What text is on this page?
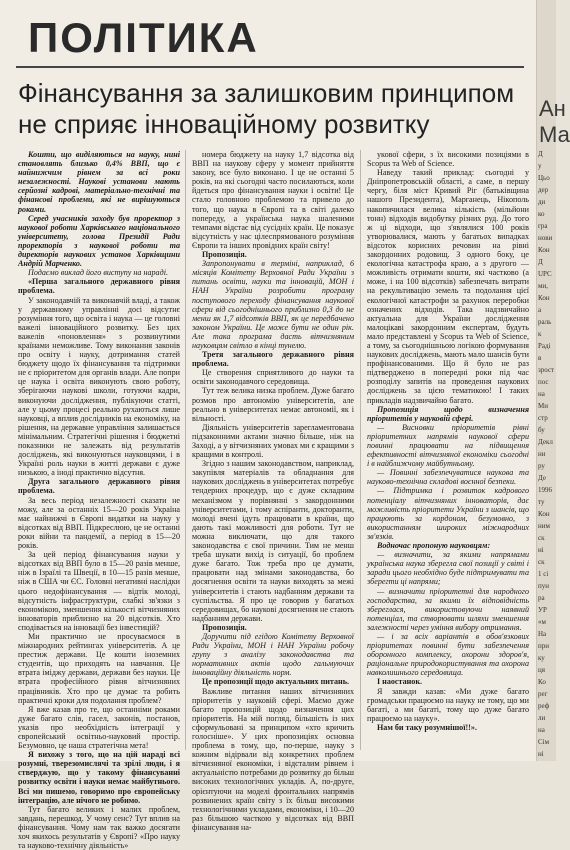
ПОЛІТИКА
Фінансування за залишковим принципом
не сприяє інноваційному розвитку

Кошти, що виділяються на науку, нині становлять близько 0,4% ВВП, що є найнижчим рівнем за всі роки незалежності. Наукові установи мають серйозні кадрові, матеріально-технічні та фінансові проблеми, які не вирішуються роками.

Серед учасників заходу був проректор з наукової роботи Харківського національного університету, голова Президії Ради проректорів з наукової роботи та директорів наукових установ Харківщини Андрій Марченко.

Подаємо виклад його виступу на нараді.

«Перша загального державного рівня проблема.

У законодавчій та виконавчій владі, а також у державному управлінні досі відсутнє розуміння того, що освіта і наука — це головні важелі інноваційного розвитку. Без цих важелів «поновлення» з розвинутими країнами неможливе. Тому виконання законів про освіту і науку, дотримання статей бюджету щодо їх фінансування та підтримки не є пріоритетом для органів влади. Але попри це наука і освіта виконують свою роботу, зберігаючи наукові школи, готуючи кадри, виконуючи дослідження, публікуючи статті, але у цьому процесі реально рухаються лише науковці, а вплив дослідників на економіку, на рішення, на державне управління залишається мінімальним. Стратегічні рішення і бюджетні показники не залежать від результатів досліджень, які виконуються науковцями, і в Україні роль науки в житті держави є дуже низькою, а іноді практично відсутня.

Друга загального державного рівня проблема.

За весь період незалежності сказати не можу, але за останніх 15—20 років Україна має найнижчі в Європі видатки на науку у відсотках від ВВП. Підкреслюю, це не останні роки війни та пандемії, а період в 15—20 років.

За цей період фінансування науки у відсотках від ВВП було в 15—20 разів менше, ніж в Ізраїлі та Швеції, в 10—15 разів менше, ніж в США чи ЄС. Головні негативні наслідки цього недофінансування — відтік молоді, відсутність інфраструктури, слабкі зв'язки з економікою, зменшення кількості вітчизняних інноваторів приблизно на 20 відсотків. Хто сподівається на інновації без інвестицій?

Ми практично не просуваємося в міжнародних рейтингах університетів. А це престиж держави. Це кошти іноземних студентів, що приходять на навчання. Це втрата іміджу держави, держави без науки. Це втрата професійного рівня вітчизняних працівників. Хто про це думає та робить практичні кроки для подолання проблем?

Я вже казав про те, що останніми роками дуже багато слів, гасел, законів, постанов, указів про необхідність інтеграції у європейський освітньо-науковий простір. Безумовно, це наша стратегічна мета!

Я вихожу з того, що на цій нараді всі розумні, тверезомислячі та зрілі люди, і я стверджую, що у такому фінансуванні розвитку освіти і науки немає майбутнього. Всі ми пишемо, говоримо про європейську інтеграцію, але нічого не робимо.

Тут багато великих і малих проблем, завдань, перешкод. У чому сенс? Тут вплив на фінансування. Чому нам так важко досягати хоч якихось результатів у Європі? «Про науку та науково-технічну діяльність»

номера бюджету на науку 1,7 відсотка від ВВП на наукову сферу у момент прийняття закону, все було виконано. І це не останні 5 років, на які сьогодні часто посилаються, коли йдеться про фінансування науки і освіти! Це стало головною проблемою та привело до того, що наука в Європі та в світі далеко попереду, а українська наука шаленими темпами відстає від сусідніх країн. Це показує відсутність у нас цілеспрямованого розуміння Європи та інших провідних країн світу!

Пропозиція.

Запропонувати в терміні, наприклад, 6 місяців Комітету Верховної Ради України з питань освіти, науки та інновацій, МОН і НАН України розробити програму поступового переходу фінансування наукової сфери від сьогоднішнього приблизно 0,3 до не менш як 1,7 відсотків ВВП, як це передбачено законом України. Це може бути не один рік. Але така програма дасть вітчизняним науковцям світло в кінці тунелю.

Третя загального державного рівня проблема.

Це створення сприятливого до науки та освіти законодавчого середовища.

Тут теж велика низка проблем. Дуже багато розмов про автономію університетів, але реально в університетах немає автономії, як і вільності.

Діяльність університетів зарегламентована підзаконними актами значно більше, ніж на Заході, а у вітчизняних умовах ми є кращими з кращими в контролі.

Згідно з нашим законодавством, наприклад, закупівля матеріалів та обладнання для наукових досліджень в університетах потребує тендерних процедур, що є дуже складним механізмом у порівнянні з закордонними університетами, і тому аспіранти, докторанти, молоді вчені ідуть працювати в країни, що дають такі можливості для роботи. Тут не можна виключати, що для такого законодавства є свої причини. Тим не менш треба шукати вихід із ситуації, бо проблем дуже багато. Тож треба про це думати, працювати над змінами законодавства, бо досягнення освіти та науки виходять за межі університетів і стають надбанням держави та суспільства. Я про це говорив у багатьох середовищах, бо наукові досягнення не стають надбанням держави.

Пропозиція.

Доручити під егідою Комітету Верховної Ради України, МОН і НАН України робочу групу з аналізу законодавства та нормативних актів щодо гальмуючих інноваційну діяльність норм.

Це пропозиції щодо актуальних питань.

Важливе питання наших вітчизняних пріоритетів у науковій сфері. Маємо дуже багато пропозицій щодо визначення цих пріоритетів. На мій погляд, більшість із них сформульовані за принципом «хто кричить голосніше». У цих пропозиціях основна проблема в тому, що, по-перше, науку з кожним відірвали від конкретних проблем вітчизняної економіки, і відсталим рівнем і актуальністю потребами до розвитку до більш високих технологічних укладів. А, по-друге, орієнтуючи на моделі фронтальних напрямів розвинених країн світу з їх більш високими технологічними укладами, економіки, і 10—20 раз більшою часткою у відсотках від ВВП фінансування на-

укової сфери, з їх високими позиціями в Scopus та Web of Science.

Наведу такий приклад: сьогодні у Дніпропетровській області, а саме, в першу чергу, біля міст Кривий Ріг (батьківщина нашого Президента), Марганець, Нікополь накопичилася велика кількість (мільйони тонн) відходів видобутку різних руд. До того ж ці відходи, що з'являлися 100 років утворювалися, мають у багатьох випадках відсоток корисних речовин на рівні закордонних родовищ. З одного боку, це екологічна катастрофа краю, а з другого — можливість отримати кошти, які частково (а може, і на 100 відсотків) забезпечать витрати на рекультивацію земель та подолання цієї екологічної катастрофи за рахунок переробки означених відходів. Така надзвичайно актуальна для України дослідження малоцікаві закордонним експертам, будуть мало представлені у Scopus та Web of Science, а тому, за сьогоднішньою логікою формування наукових досліджень, мають мало шансів бути профінансованими. Що й було не раз підтверджено в попередні роки під час розподілу запитів на проведення наукових досліджень за цією тематикою! І таких прикладів надзвичайно багато.

Пропозиція щодо визначення пріоритетів у науковій сфері.

— Висновки пріоритетів рівні пріоритетних напрямів наукової сфери повинні працювати на підвищення ефективності вітчизняної економіки сьогодні і в найближчому майбутньому.

— Повинні забезпечуватися наукова та науково-технічна складові воєнної безпеки.

— Підтримка і розвиток кадрового потенціалу вітчизняних інноваторів, дає можливість пріоритети України з шансів, що працюють за кордоном, безумовно, з використанням широких міжнародних зв'язків.

Водночас пропоную науковцям:

— визначити, за якими напрямами українська наука зберегла свої позиції у світі і заради цього необхідно буде підтримувати та зберегти ці напрями;

— визначити пріоритетні для народного господарства, за якими їх відповідність збереглася, використовуючи наявний потенціал, та створювати шляхи зменшення залежності через уміння вибору отримання.

— і за всіх варіантів в обов'язкових пріоритетах повинні бути забезпечення оборонного комплексу, охорони здоров'я, раціональне природокористування та охорона навколишнього середовища.

І наостанок.

Я завжди казав: «Ми дуже багато громадськи працюємо на науку не тому, що ми багаті, а ми багаті, тому що дуже багато працюємо на науку».

Нам би таку розумнішої!!».

Ан
Ма
Д
у
Цьо
дер
ди
ко
гра
нови
Кон
Д
UPC
ми,
Кон
а
раль
к
Раді
в
зрост
пос
на
Ми
стр
бу
Декл
ни
ру
Де
1996
ту
Кон
ним
ск
ні
ск
1 сі
пун
ра
УР
«м
На
при
ку
ця
Ко
рег
реф
ли
на
Сім
ні
